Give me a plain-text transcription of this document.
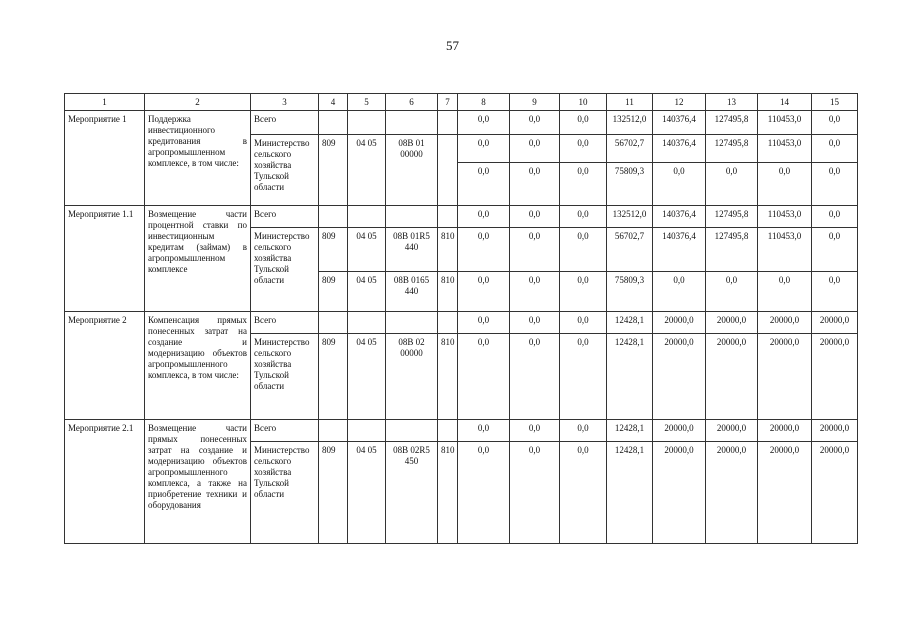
57
1	2	3	4	5	6	7	8	9	10	11	12	13	14	15
Мероприятие 1	Поддержка инвестиционного кредитования в агропромышленном комплексе, в том числе:	Всего					0,0	0,0	0,0	132512,0	140376,4	127495,8	110453,0	0,0
		Министерство сельского хозяйства Тульской области	809	04 05	08В 01 00000		0,0	0,0	0,0	56702,7	140376,4	127495,8	110453,0	0,0
							0,0	0,0	0,0	75809,3	0,0	0,0	0,0	0,0
Мероприятие 1.1	Возмещение части процентной ставки по инвестиционным кредитам (займам) в агропромышленном комплексе	Всего					0,0	0,0	0,0	132512,0	140376,4	127495,8	110453,0	0,0
		Министерство сельского хозяйства Тульской области	809	04 05	08В 01R5 440	810	0,0	0,0	0,0	56702,7	140376,4	127495,8	110453,0	0,0
			809	04 05	08В 0165 440	810	0,0	0,0	0,0	75809,3	0,0	0,0	0,0	0,0
Мероприятие 2	Компенсация прямых понесенных затрат на создание и модернизацию объектов агропромышленного комплекса, в том числе:	Всего					0,0	0,0	0,0	12428,1	20000,0	20000,0	20000,0	20000,0
		Министерство сельского хозяйства Тульской области	809	04 05	08В 02 00000	810	0,0	0,0	0,0	12428,1	20000,0	20000,0	20000,0	20000,0
Мероприятие 2.1	Возмещение части прямых понесенных затрат на создание и модернизацию объектов агропромышленного комплекса, а также на приобретение техники и оборудования	Всего					0,0	0,0	0,0	12428,1	20000,0	20000,0	20000,0	20000,0
		Министерство сельского хозяйства Тульской области	809	04 05	08В 02R5 450	810	0,0	0,0	0,0	12428,1	20000,0	20000,0	20000,0	20000,0
